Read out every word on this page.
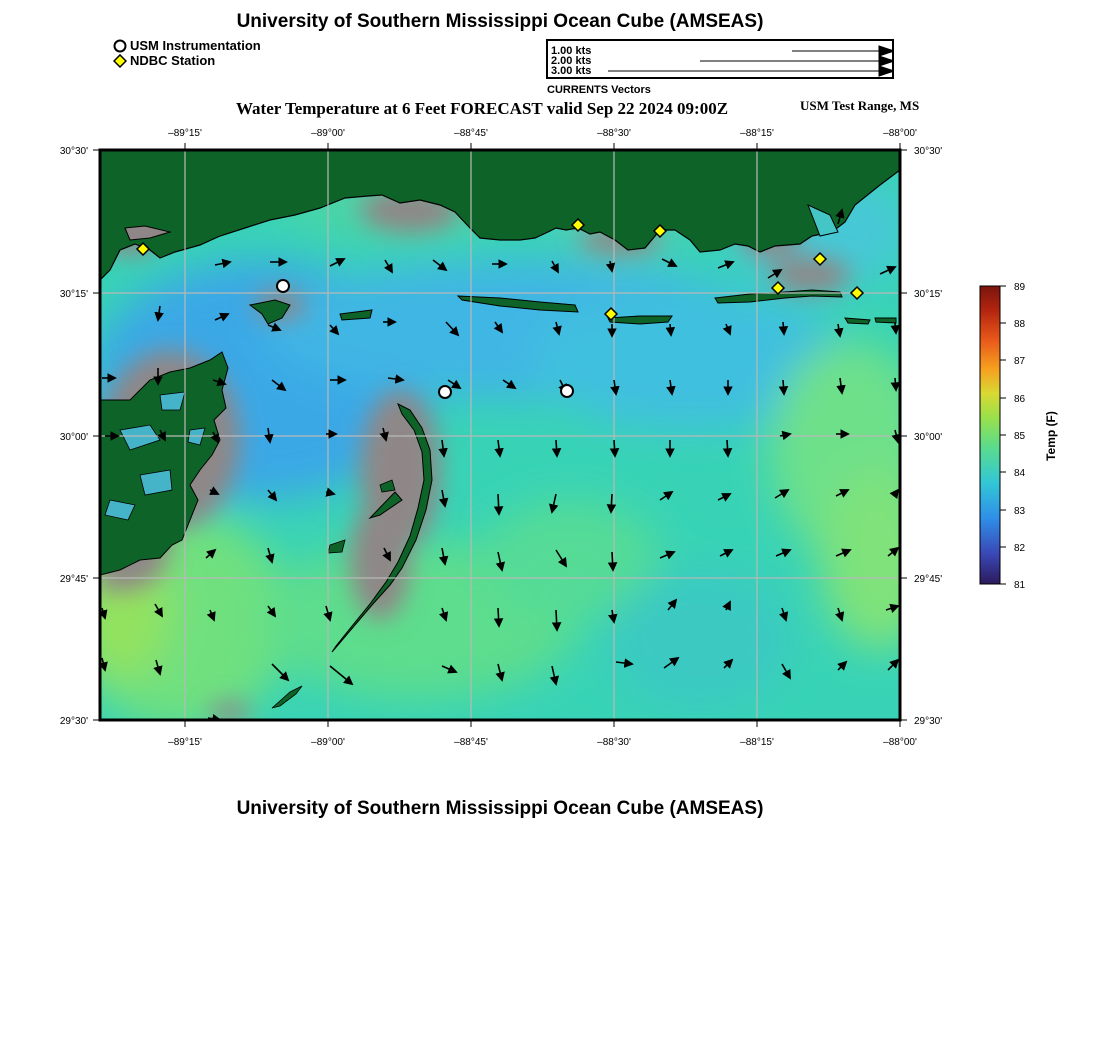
University of Southern Mississippi Ocean Cube (AMSEAS)
USM Instrumentation
NDBC Station
1.00 kts
2.00 kts
3.00 kts
CURRENTS Vectors
Water Temperature at 6 Feet FORECAST valid Sep 22 2024 09:00Z	USM Test Range, MS
–89°15'	–89°00'	–88°45'	–88°30'	–88°15'	–88°00'
–89°15'	–89°00'	–88°45'	–88°30'	–88°15'	–88°00'
30°30'
30°15'
30°00'
29°45'
29°30'
30°30'
30°15'
30°00'
29°45'
29°30'
89
88
87
86
85
84
83
82
81
Temp (F)
University of Southern Mississippi Ocean Cube (AMSEAS)
